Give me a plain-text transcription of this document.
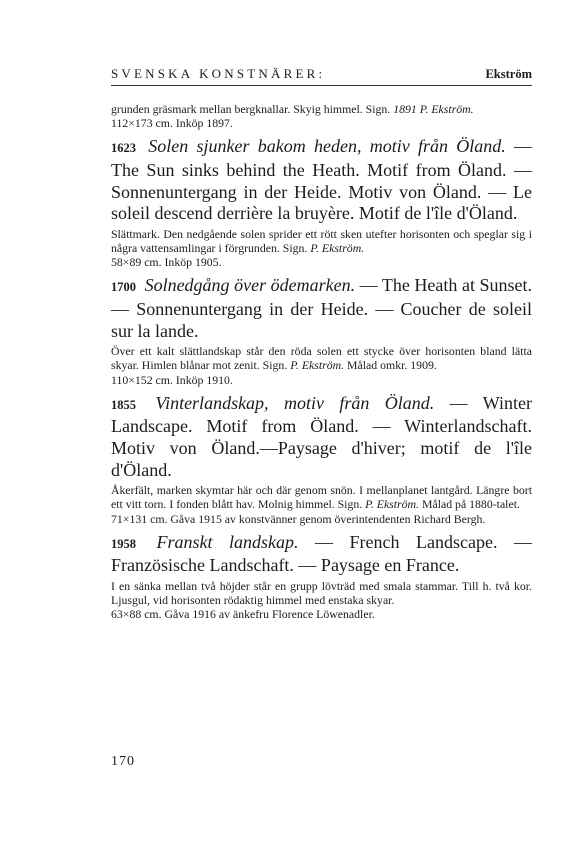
SVENSKA KONSTNÄRER:	Ekström
grunden gräsmark mellan bergknallar. Skyig himmel. Sign. 1891 P. Ekström.
112×173 cm. Inköp 1897.
1623 Solen sjunker bakom heden, motiv från Öland. — The Sun sinks behind the Heath. Motif from Öland. — Sonnenuntergang in der Heide. Motiv von Öland. — Le soleil descend derrière la bruyère. Motif de l'île d'Öland.
Slättmark. Den nedgående solen sprider ett rött sken utefter horisonten och speglar sig i några vattensamlingar i förgrunden. Sign. P. Ekström.
58×89 cm. Inköp 1905.
1700 Solnedgång över ödemarken. — The Heath at Sunset. — Sonnenuntergang in der Heide. — Coucher de soleil sur la lande.
Över ett kalt slättlandskap står den röda solen ett stycke över horisonten bland lätta skyar. Himlen blånar mot zenit. Sign. P. Ekström. Målad omkr. 1909.
110×152 cm. Inköp 1910.
1855 Vinterlandskap, motiv från Öland. — Winter Landscape. Motif from Öland. — Winterlandschaft. Motiv von Öland.—Paysage d'hiver; motif de l'île d'Öland.
Åkerfält, marken skymtar här och där genom snön. I mellanplanet lantgård. Längre bort ett vitt torn. I fonden blått hav. Molnig himmel. Sign. P. Ekström. Målad på 1880-talet.
71×131 cm. Gåva 1915 av konstvänner genom överintendenten Richard Bergh.
1958 Franskt landskap. — French Landscape. — Französische Landschaft. — Paysage en France.
I en sänka mellan två höjder står en grupp lövträd med smala stammar. Till h. två kor. Ljusgul, vid horisonten rödaktig himmel med enstaka skyar.
63×88 cm. Gåva 1916 av änkefru Florence Löwenadler.
170
